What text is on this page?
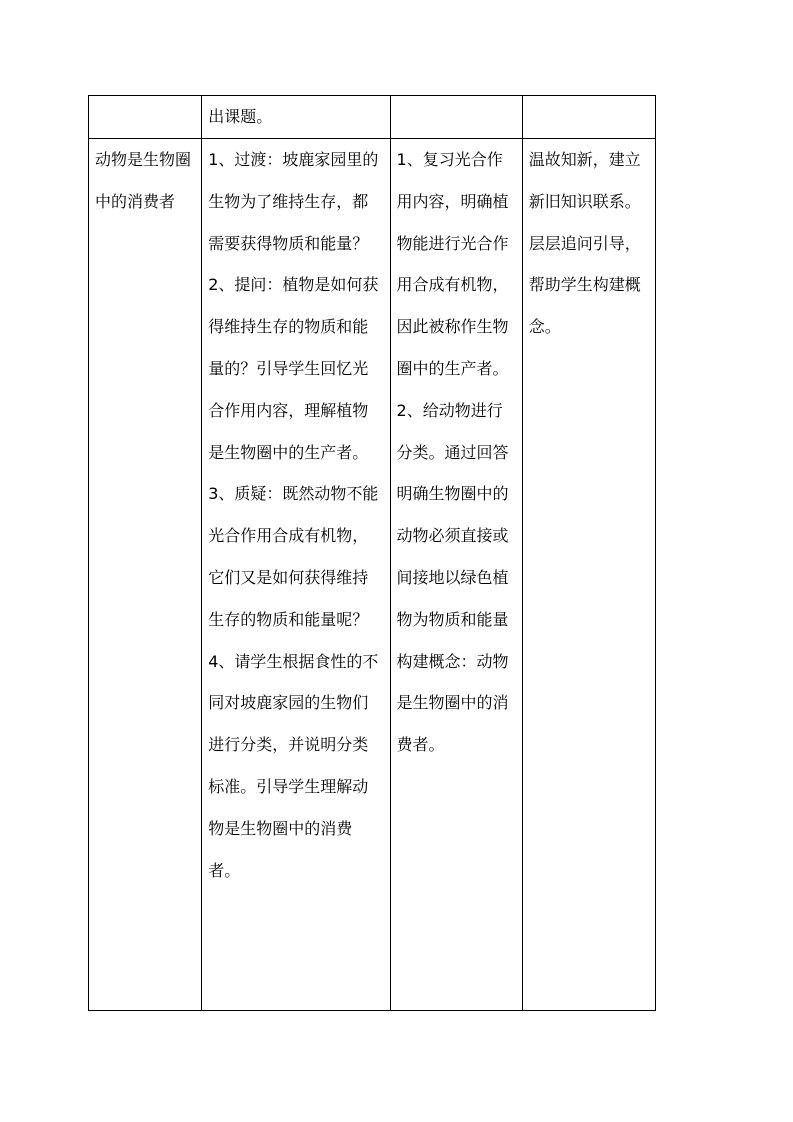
	出课题。		
动物是生物圈中的消费者	1、过渡：坡鹿家园里的生物为了维持生存，都需要获得物质和能量？
2、提问：植物是如何获得维持生存的物质和能量的？引导学生回忆光合作用内容，理解植物是生物圈中的生产者。
3、质疑：既然动物不能光合作用合成有机物，它们又是如何获得维持生存的物质和能量呢？
4、请学生根据食性的不同对坡鹿家园的生物们进行分类，并说明分类标准。引导学生理解动物是生物圈中的消费者。	1、复习光合作用内容，明确植物能进行光合作用合成有机物，因此被称作生物圈中的生产者。
2、给动物进行分类。通过回答明确生物圈中的动物必须直接或间接地以绿色植物为物质和能量构建概念：动物是生物圈中的消费者。	温故知新，建立新旧知识联系。层层追问引导，帮助学生构建概念。
